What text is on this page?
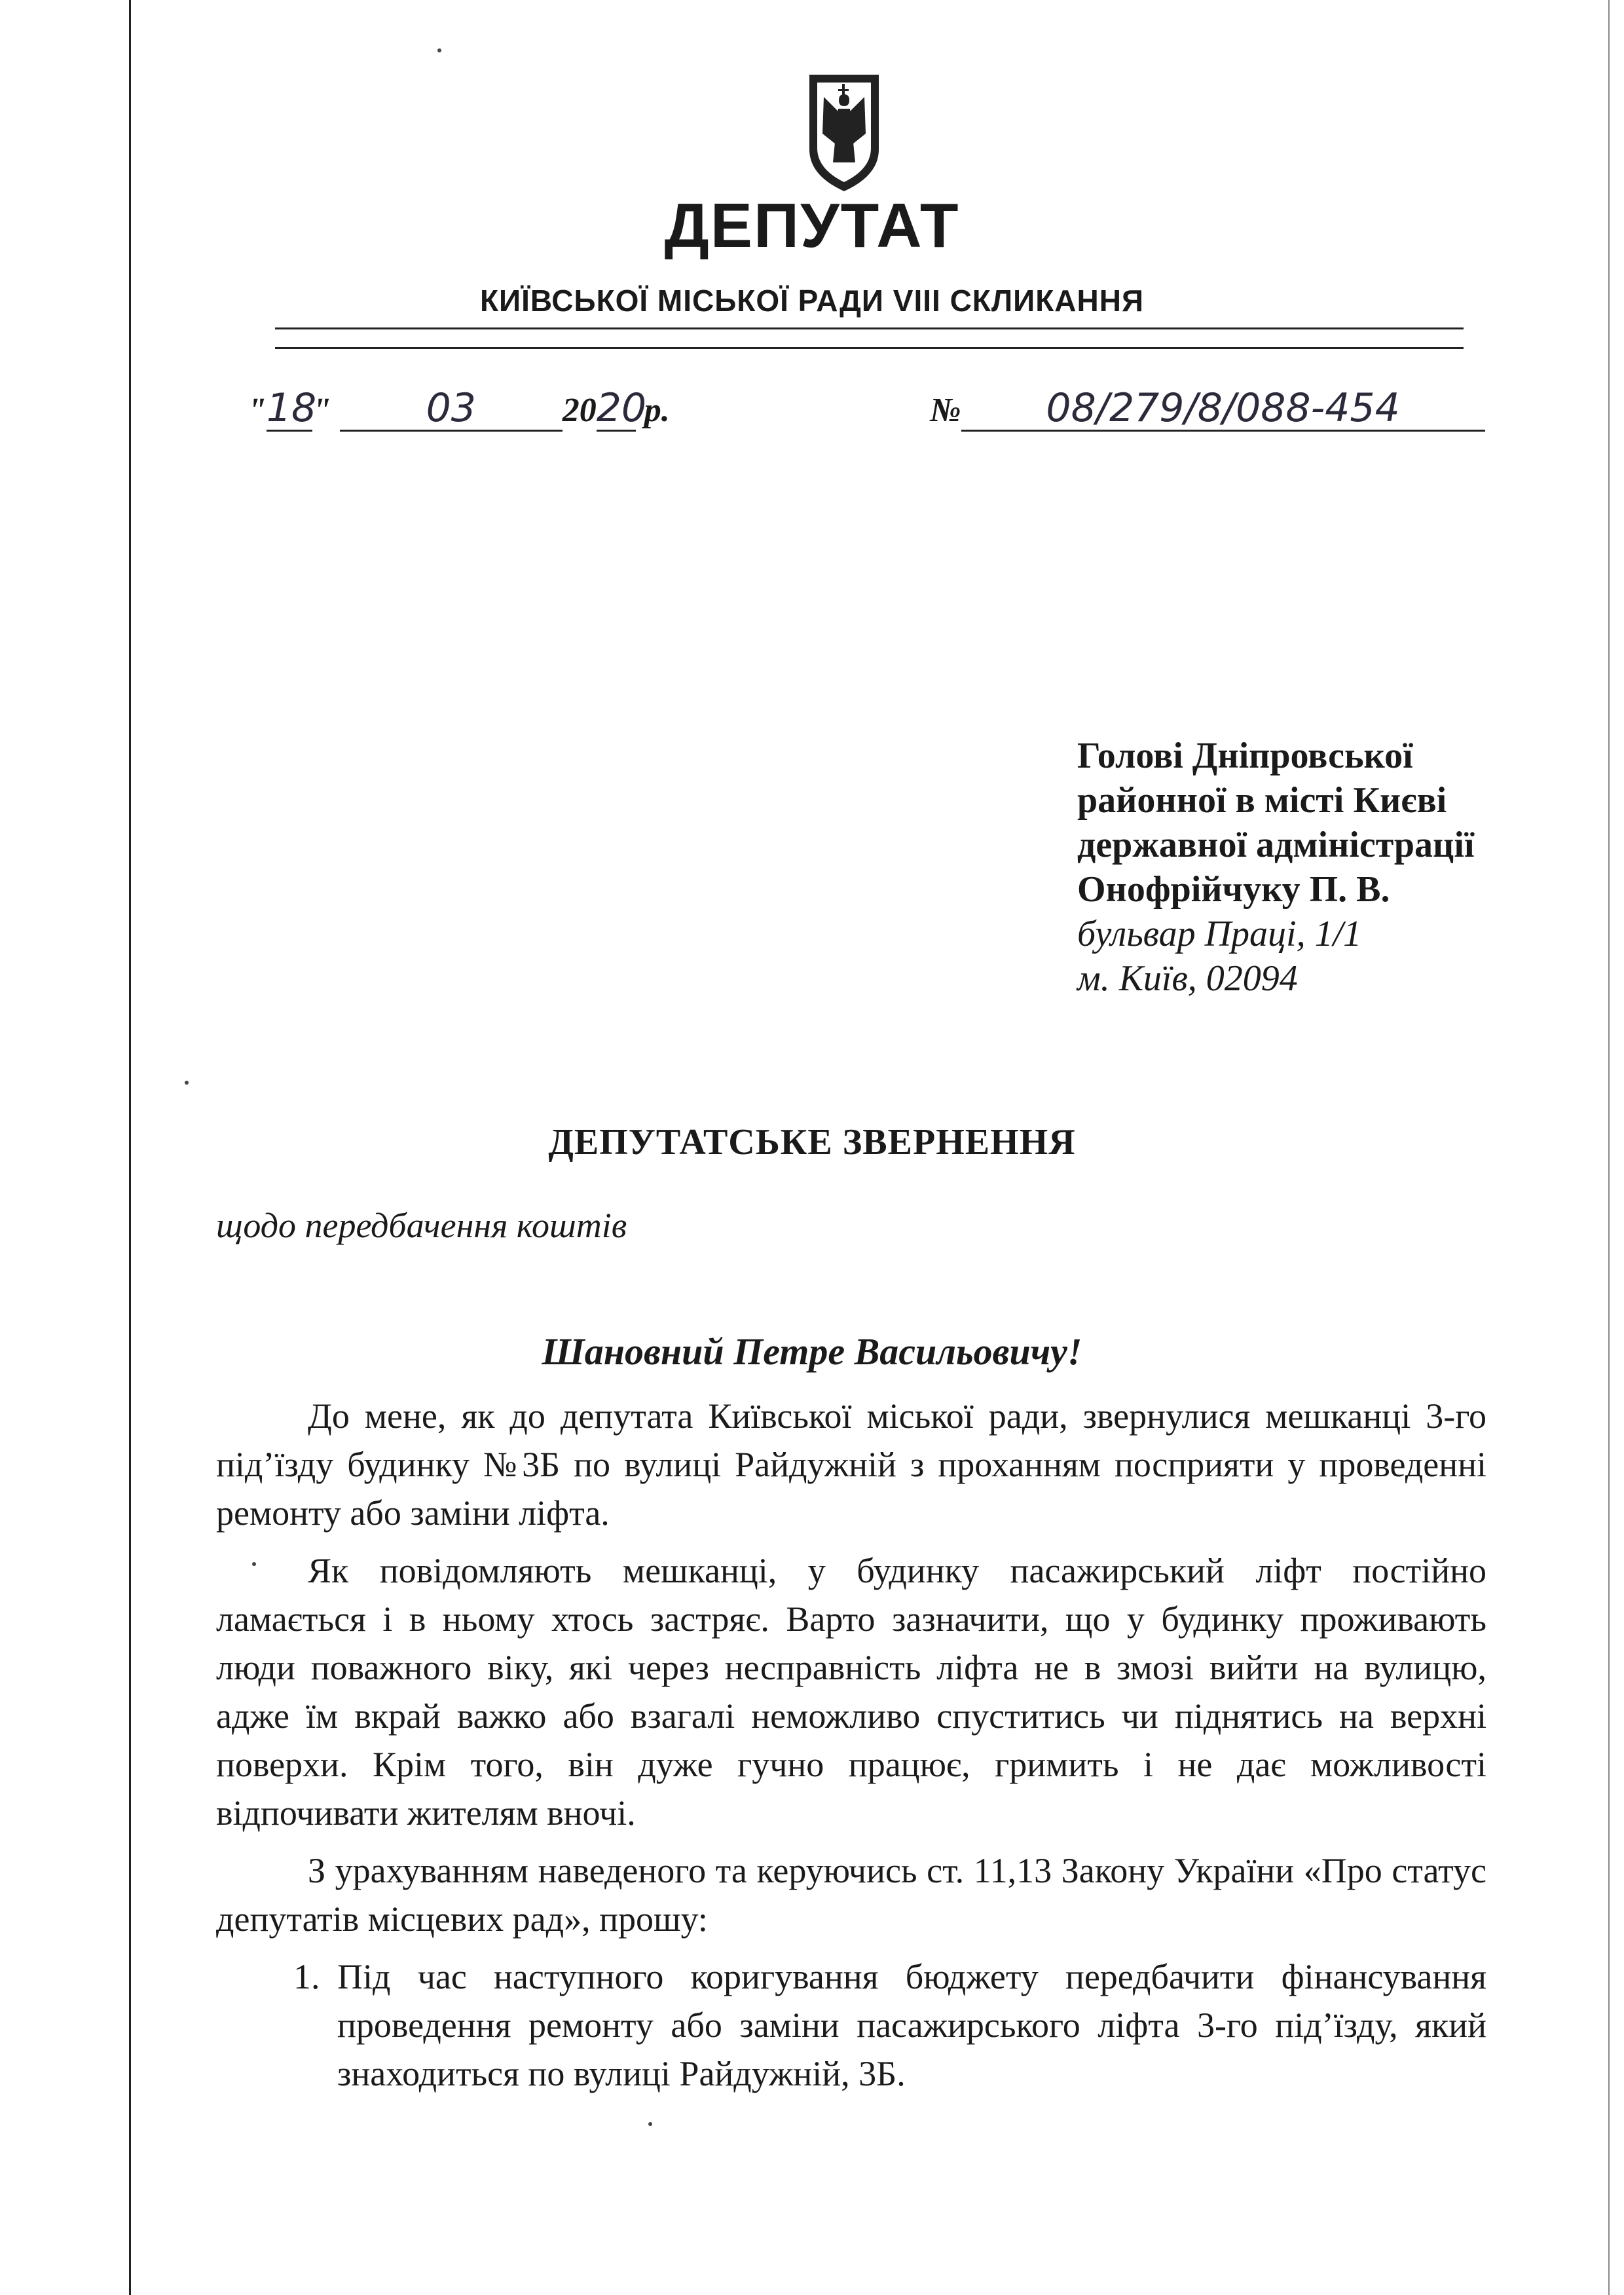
ДЕПУТАТ
КИЇВСЬКОЇ МІСЬКОЇ РАДИ VIII СКЛИКАННЯ
"18" 03	2020 р.	№ 08/279/8/088-454
Голові Дніпровської
районної в місті Києві
державної адміністрації
Онофрійчуку П. В.
бульвар Праці, 1/1
м. Київ, 02094
ДЕПУТАТСЬКЕ ЗВЕРНЕННЯ
щодо передбачення коштів
Шановний Петре Васильовичу!

До мене, як до депутата Київської міської ради, звернулися мешканці 3-го під’їзду будинку №3Б по вулиці Райдужній з проханням посприяти у проведенні ремонту або заміни ліфта.

Як повідомляють мешканці, у будинку пасажирський ліфт постійно ламається і в ньому хтось застряє. Варто зазначити, що у будинку проживають люди поважного віку, які через несправність ліфта не в змозі вийти на вулицю, адже їм вкрай важко або взагалі неможливо спуститись чи піднятись на верхні поверхи. Крім того, він дуже гучно працює, гримить і не дає можливості відпочивати жителям вночі.

З урахуванням наведеного та керуючись ст. 11,13 Закону України «Про статус депутатів місцевих рад», прошу:

1. Під час наступного коригування бюджету передбачити фінансування проведення ремонту або заміни пасажирського ліфта 3-го під’їзду, який знаходиться по вулиці Райдужній, 3Б.
